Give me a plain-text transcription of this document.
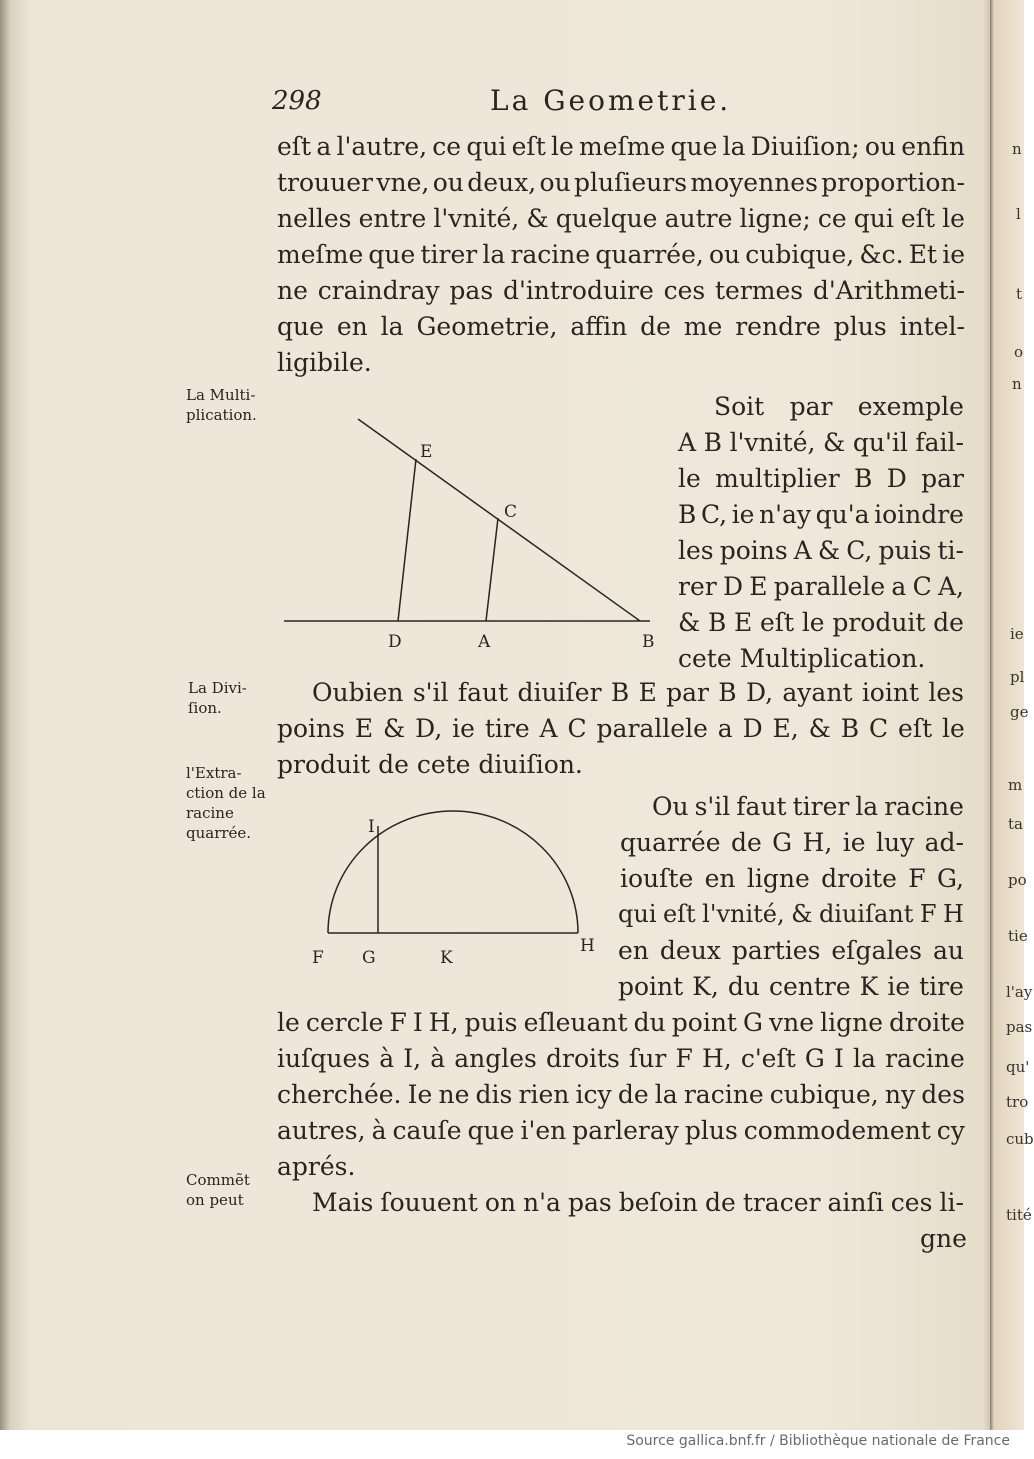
298	La Geometrie.
eſt a l'autre, ce qui eſt le meſme que la Diuiſion; ou enfin
trouuer vne, ou deux, ou pluſieurs moyennes proportion-
nelles entre l'vnité, & quelque autre ligne; ce qui eſt le
meſme que tirer la racine quarrée, ou cubique, &c. Et ie
ne craindray pas d'introduire ces termes d'Arithmeti-
que en la Geometrie, affin de me rendre plus intel-
ligibile.
La Multi-
plication.
La Divi-
ſion.
l'Extra-
ction de la
racine
quarrée.
Commẽt
on peut
E
C
D	A	B
Soit par exemple
A B l'vnité, & qu'il fail-
le multiplier B D par
B C, ie n'ay qu'a ioindre
les poins A & C, puis ti-
rer D E parallele a C A,
& B E eſt le produit de
cete Multiplication.
Oubien s'il faut diuiſer B E par B D, ayant ioint les
poins E & D, ie tire A C parallele a D E, & B C eſt le
produit de cete diuiſion.
I
F G	K
H
Ou s'il faut tirer la racine
quarrée de G H, ie luy ad-
iouſte en ligne droite F G,
qui eſt l'vnité, & diuiſant F H
en deux parties eſgales au
point K, du centre K ie tire
le cercle F I H, puis eſleuant du point G vne ligne droite
iuſques à I, à angles droits ſur F H, c'eſt G I la racine
cherchée. Ie ne dis rien icy de la racine cubique, ny des
autres, à cauſe que i'en parleray plus commodement cy
aprés.
Mais ſouuent on n'a pas beſoin de tracer ainſi ces li-
gne
n
l
t
o
n
ie
pl
ge
m
ta
po
tie
l'ay
pas
qu'
tro
cub
tité
Source gallica.bnf.fr / Bibliothèque nationale de France
